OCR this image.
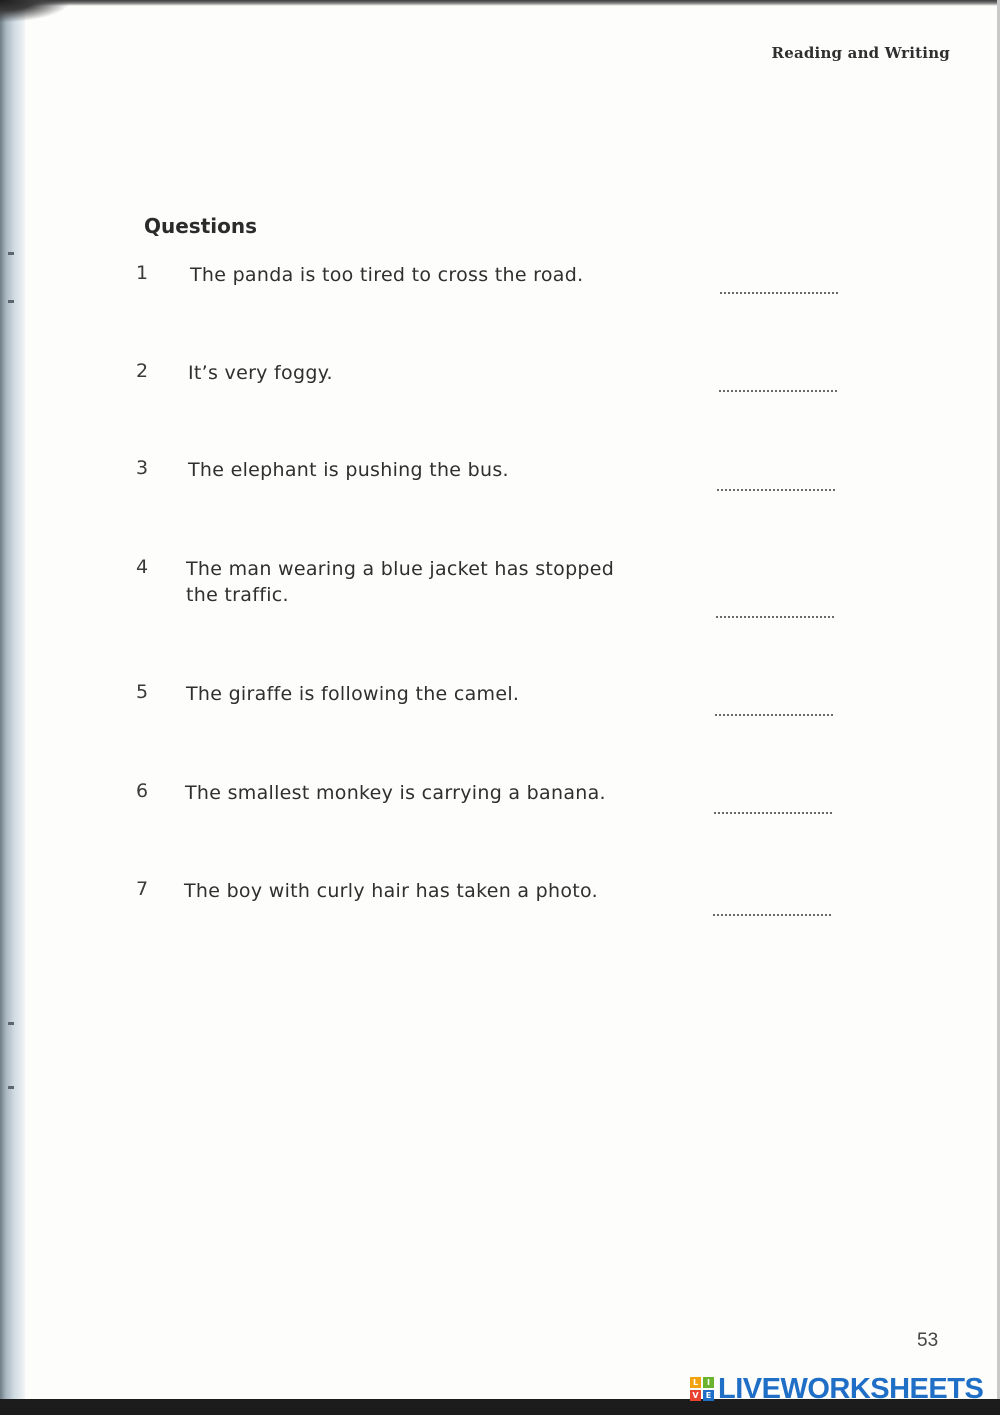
Reading and Writing
Questions
1	The panda is too tired to cross the road.
2	It’s very foggy.
3	The elephant is pushing the bus.
4	The man wearing a blue jacket has stopped the traffic.
5	The giraffe is following the camel.
6	The smallest monkey is carrying a banana.
7	The boy with curly hair has taken a photo.
53
L	I
V E LIVEWORKSHEETS
